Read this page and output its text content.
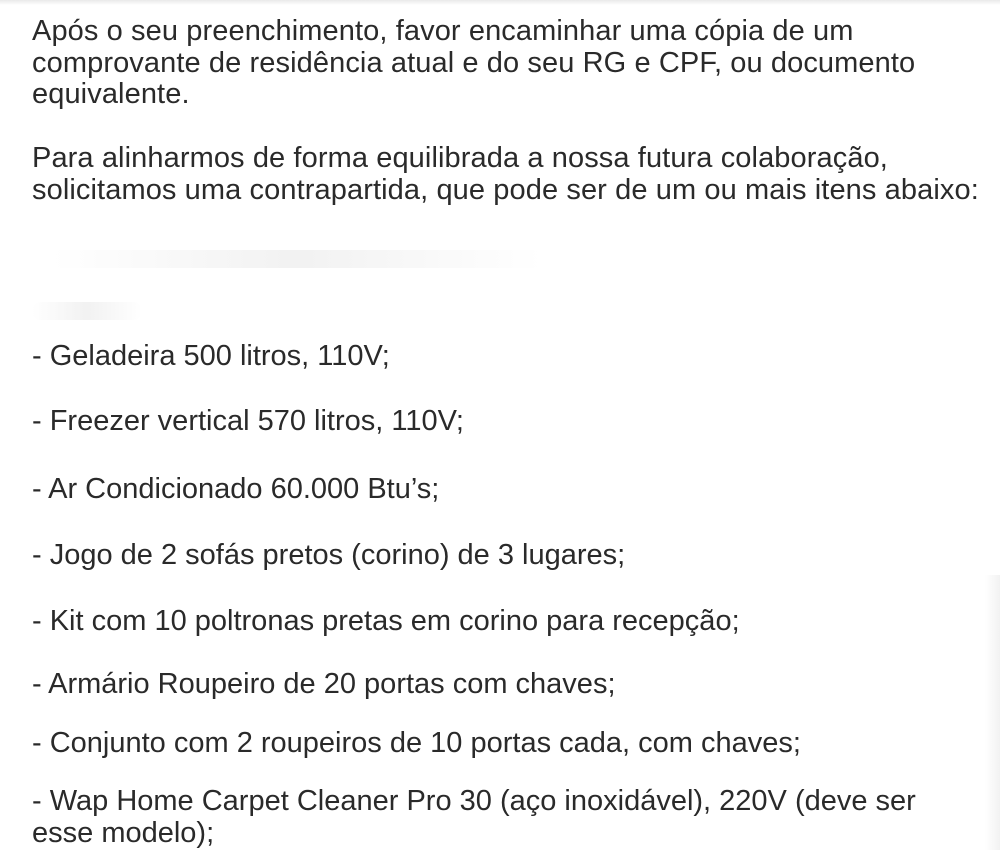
Após o seu preenchimento, favor encaminhar uma cópia de um comprovante de residência atual e do seu RG e CPF, ou documento equivalente.

Para alinharmos de forma equilibrada a nossa futura colaboração, solicitamos uma contrapartida, que pode ser de um ou mais itens abaixo:

- Geladeira 500 litros, 110V;

- Freezer vertical 570 litros, 110V;

- Ar Condicionado 60.000 Btu’s;

- Jogo de 2 sofás pretos (corino) de 3 lugares;

- Kit com 10 poltronas pretas em corino para recepção;

- Armário Roupeiro de 20 portas com chaves;

- Conjunto com 2 roupeiros de 10 portas cada, com chaves;

- Wap Home Carpet Cleaner Pro 30 (aço inoxidável), 220V (deve ser esse modelo);
